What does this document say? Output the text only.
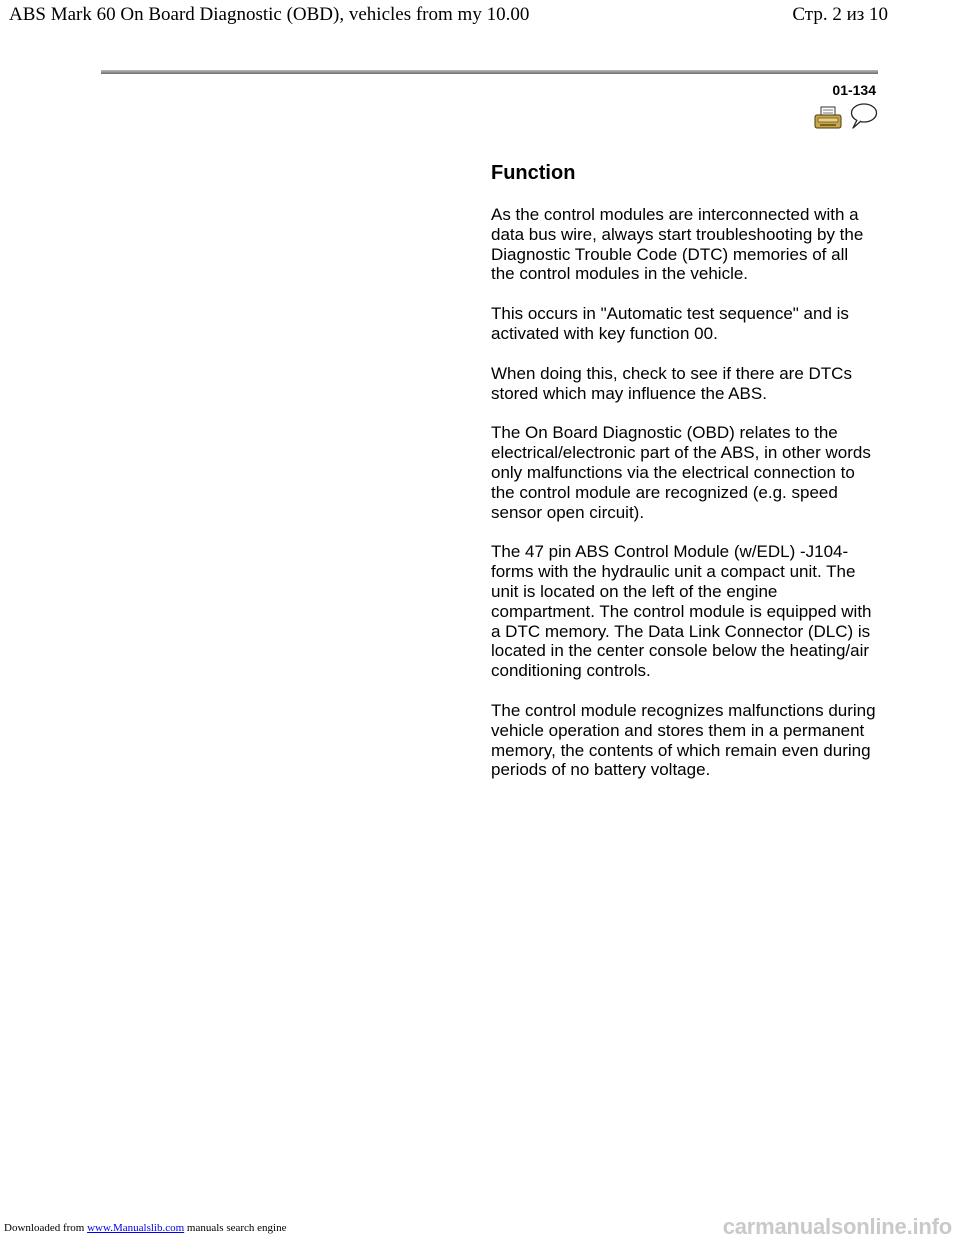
ABS Mark 60 On Board Diagnostic (OBD), vehicles from my 10.00	Стр. 2 из 10
01-134
Function

As the control modules are interconnected with a data bus wire, always start troubleshooting by the Diagnostic Trouble Code (DTC) memories of all the control modules in the vehicle.

This occurs in "Automatic test sequence" and is activated with key function 00.

When doing this, check to see if there are DTCs stored which may influence the ABS.

The On Board Diagnostic (OBD) relates to the electrical/electronic part of the ABS, in other words only malfunctions via the electrical connection to the control module are recognized (e.g. speed sensor open circuit).

The 47 pin ABS Control Module (w/EDL) -J104- forms with the hydraulic unit a compact unit. The unit is located on the left of the engine compartment. The control module is equipped with a DTC memory. The Data Link Connector (DLC) is located in the center console below the heating/air conditioning controls.

The control module recognizes malfunctions during vehicle operation and stores them in a permanent memory, the contents of which remain even during periods of no battery voltage.

Downloaded from www.Manualslib.com manuals search engine	carmanualsonline.info
